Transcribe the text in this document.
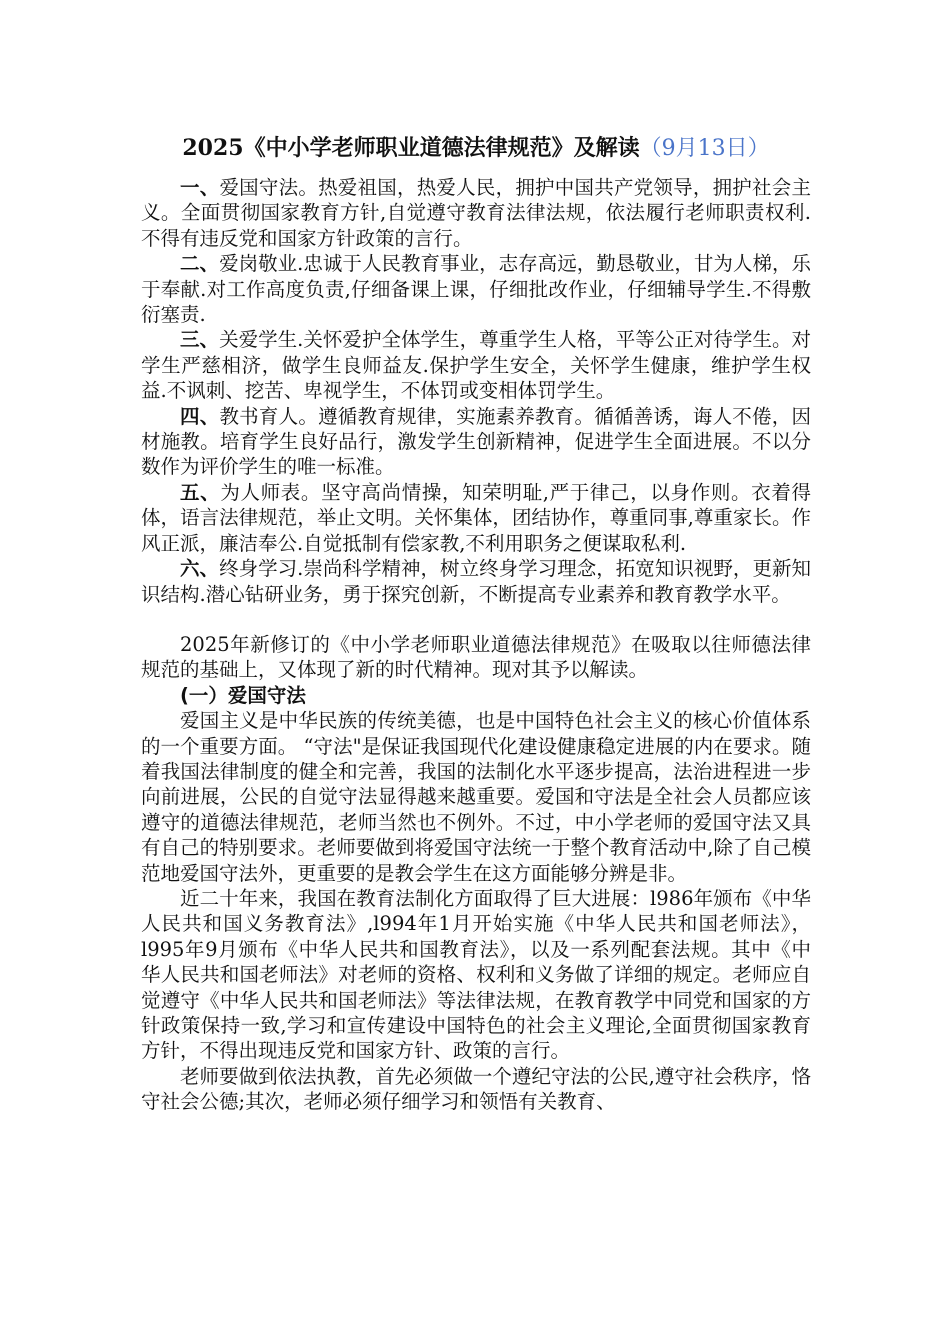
2025《中小学老师职业道德法律规范》及解读（9月13日）

一、爱国守法。热爱祖国，热爱人民，拥护中国共产党领导，拥护社会主义。全面贯彻国家教育方针,自觉遵守教育法律法规，依法履行老师职责权利.不得有违反党和国家方针政策的言行。

二、爱岗敬业.忠诚于人民教育事业，志存高远，勤恳敬业，甘为人梯，乐于奉献.对工作高度负责,仔细备课上课，仔细批改作业，仔细辅导学生.不得敷衍塞责.

三、关爱学生.关怀爱护全体学生，尊重学生人格，平等公正对待学生。对学生严慈相济，做学生良师益友.保护学生安全，关怀学生健康，维护学生权益.不讽刺、挖苦、卑视学生，不体罚或变相体罚学生。

四、教书育人。遵循教育规律，实施素养教育。循循善诱，诲人不倦，因材施教。培育学生良好品行，激发学生创新精神，促进学生全面进展。不以分数作为评价学生的唯一标准。

五、为人师表。坚守高尚情操，知荣明耻,严于律己，以身作则。衣着得体，语言法律规范，举止文明。关怀集体，团结协作，尊重同事,尊重家长。作风正派，廉洁奉公.自觉抵制有偿家教,不利用职务之便谋取私利.

六、终身学习.崇尚科学精神，树立终身学习理念，拓宽知识视野，更新知识结构.潜心钻研业务，勇于探究创新，不断提高专业素养和教育教学水平。

2025年新修订的《中小学老师职业道德法律规范》在吸取以往师德法律规范的基础上，又体现了新的时代精神。现对其予以解读。

(一）爱国守法

爱国主义是中华民族的传统美德，也是中国特色社会主义的核心价值体系的一个重要方面。 “守法"是保证我国现代化建设健康稳定进展的内在要求。随着我国法律制度的健全和完善，我国的法制化水平逐步提高，法治进程进一步向前进展，公民的自觉守法显得越来越重要。爱国和守法是全社会人员都应该遵守的道德法律规范，老师当然也不例外。不过，中小学老师的爱国守法又具有自己的特别要求。老师要做到将爱国守法统一于整个教育活动中,除了自己模范地爱国守法外，更重要的是教会学生在这方面能够分辨是非。

近二十年来，我国在教育法制化方面取得了巨大进展：l986年颁布《中华人民共和国义务教育法》,l994年1月开始实施《中华人民共和国老师法》，l995年9月颁布《中华人民共和国教育法》，以及一系列配套法规。其中《中华人民共和国老师法》对老师的资格、权利和义务做了详细的规定。老师应自觉遵守《中华人民共和国老师法》等法律法规，在教育教学中同党和国家的方针政策保持一致,学习和宣传建设中国特色的社会主义理论,全面贯彻国家教育方针，不得出现违反党和国家方针、政策的言行。

老师要做到依法执教，首先必须做一个遵纪守法的公民,遵守社会秩序，恪守社会公德;其次，老师必须仔细学习和领悟有关教育、
